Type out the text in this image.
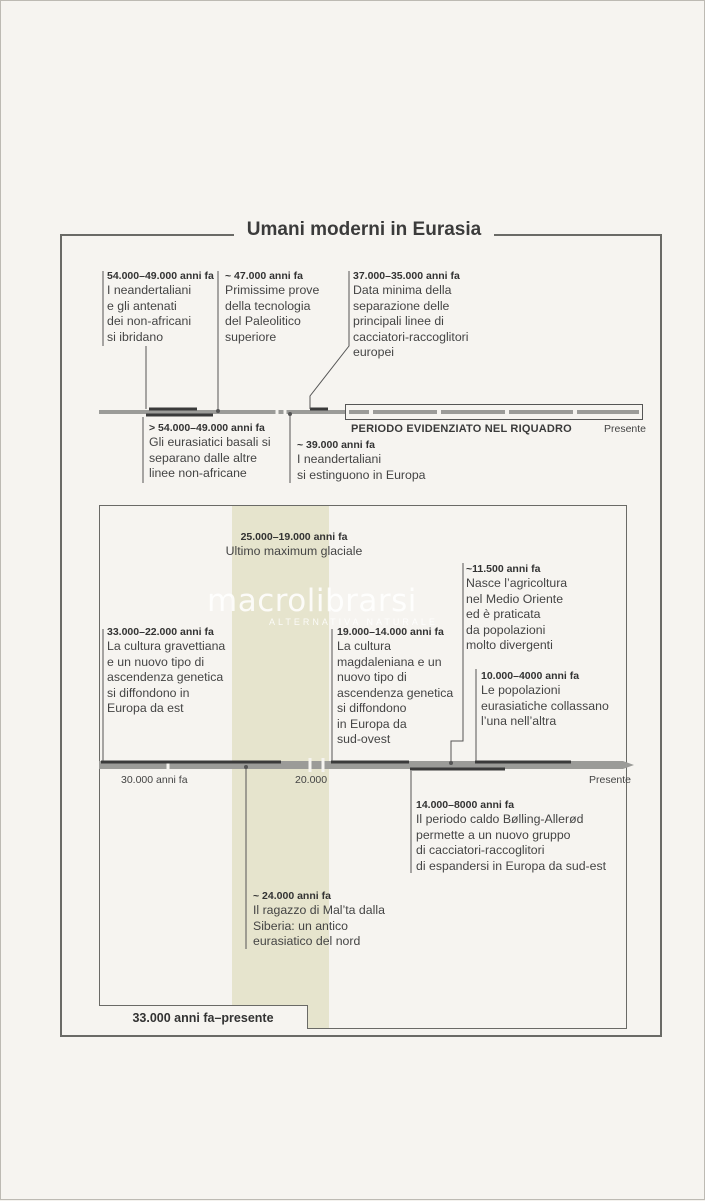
Umani moderni in Eurasia
macrolibrarsi
ALTERNATIVA NATURALE
PERIODO EVIDENZIATO NEL RIQUADRO	Presente
54.000–49.000 anni fa
I neandertaliani
e gli antenati
dei non-africani
si ibridano
~ 47.000 anni fa
Primissime prove
della tecnologia
del Paleolitico
superiore
37.000–35.000 anni fa
Data minima della
separazione delle
principali linee di
cacciatori-raccoglitori
europei
> 54.000–49.000 anni fa
Gli eurasiatici basali si
separano dalle altre
linee non-africane
~ 39.000 anni fa
I neandertaliani
si estinguono in Europa
25.000–19.000 anni fa
Ultimo maximum glaciale
~11.500 anni fa
Nasce l’agricoltura
nel Medio Oriente
ed è praticata
da popolazioni
molto divergenti
33.000–22.000 anni fa
La cultura gravettiana
e un nuovo tipo di
ascendenza genetica
si diffondono in
Europa da est
19.000–14.000 anni fa
La cultura
magdaleniana e un
nuovo tipo di
ascendenza genetica
si diffondono
in Europa da
sud-ovest
10.000–4000 anni fa
Le popolazioni
eurasiatiche collassano
l’una nell’altra
14.000–8000 anni fa
Il periodo caldo Bølling-Allerød
permette a un nuovo gruppo
di cacciatori-raccoglitori
di espandersi in Europa da sud-est
~ 24.000 anni fa
Il ragazzo di Mal’ta dalla
Siberia: un antico
eurasiatico del nord
30.000 anni fa	20.000	Presente
33.000 anni fa–presente
